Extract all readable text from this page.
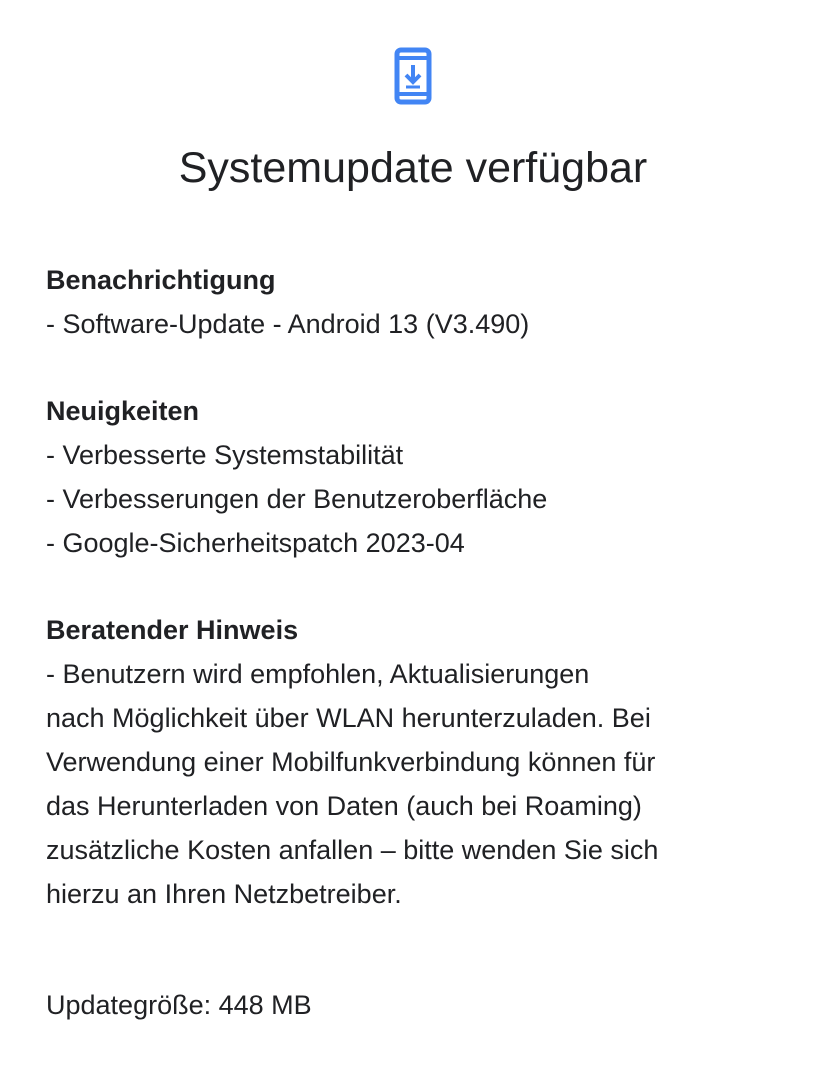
Systemupdate verfügbar

Benachrichtigung

- Software-Update - Android 13 (V3.490)

Neuigkeiten

- Verbesserte Systemstabilität

- Verbesserungen der Benutzeroberfläche

- Google-Sicherheitspatch 2023-04

Beratender Hinweis

- Benutzern wird empfohlen, Aktualisierungen

nach Möglichkeit über WLAN herunterzuladen. Bei

Verwendung einer Mobilfunkverbindung können für

das Herunterladen von Daten (auch bei Roaming)

zusätzliche Kosten anfallen – bitte wenden Sie sich

hierzu an Ihren Netzbetreiber.

Updategröße: 448 MB
